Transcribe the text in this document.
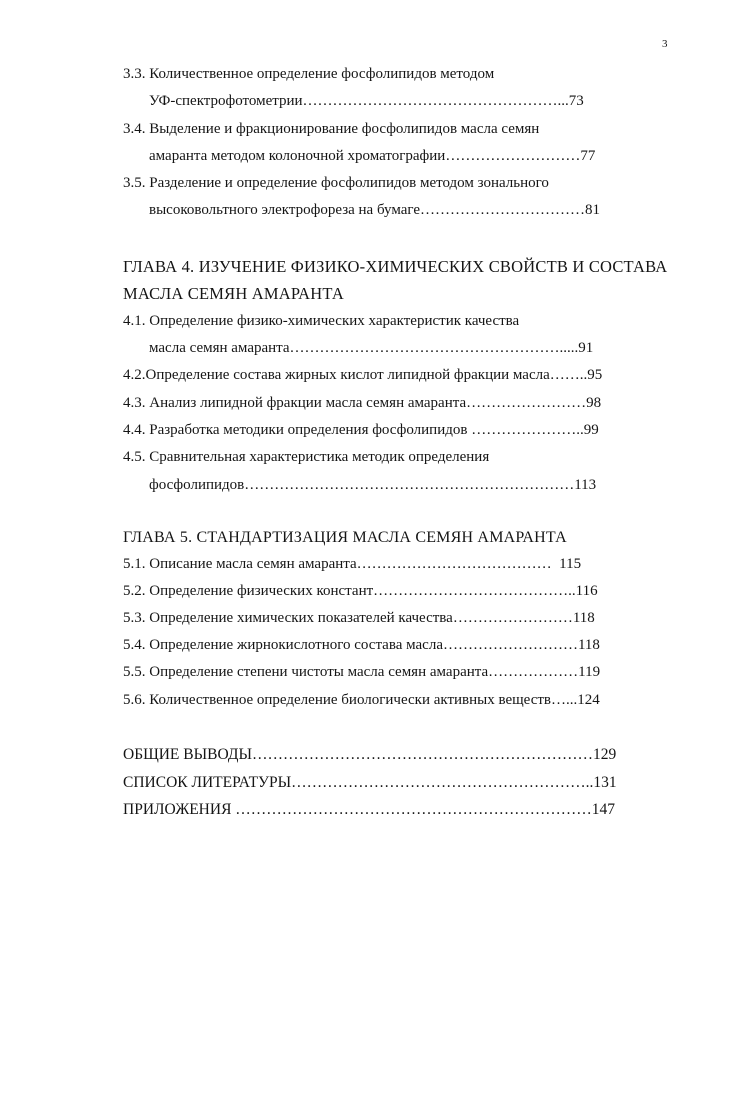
3
3.3. Количественное определение фосфолипидов методом
УФ-спектрофотометрии……………………………………………...73
3.4. Выделение и фракционирование фосфолипидов масла семян
амаранта методом колоночной хроматографии………………………77
3.5. Разделение и определение фосфолипидов методом зонального
высоковольтного электрофореза на бумаге……………………………81
ГЛАВА 4. ИЗУЧЕНИЕ ФИЗИКО-ХИМИЧЕСКИХ СВОЙСТВ И СОСТАВА
МАСЛА СЕМЯН АМАРАНТА
4.1. Определение физико-химических характеристик качества
масла семян амаранта……………………………………………….....91
4.2.Определение состава жирных кислот липидной фракции масла……..95
4.3. Анализ липидной фракции масла семян амаранта……………………98
4.4. Разработка методики определения фосфолипидов …………………..99
4.5. Сравнительная характеристика методик определения
фосфолипидов…………………………………………………………113
ГЛАВА 5. СТАНДАРТИЗАЦИЯ МАСЛА СЕМЯН АМАРАНТА
5.1. Описание масла семян амаранта…………………………………  115
5.2. Определение физических констант…………………………………..116
5.3. Определение химических показателей качества……………………118
5.4. Определение жирнокислотного состава масла………………………118
5.5. Определение степени чистоты масла семян амаранта………………119
5.6. Количественное определение биологически активных веществ…...124
ОБЩИЕ ВЫВОДЫ…………………………………………………………129
СПИСОК ЛИТЕРАТУРЫ…………………………………………………..131
ПРИЛОЖЕНИЯ ……………………………………………………………147
